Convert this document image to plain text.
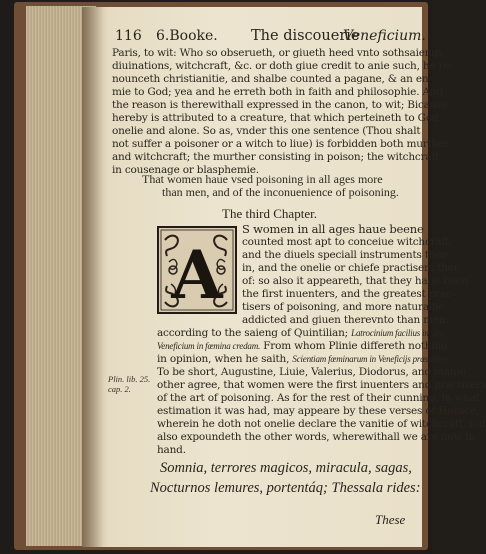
116 6.Booke. The discouerie
Veneficium.
Paris, to wit: Who so obserueth, or giueth heed vnto sothsaiengs,
diuinations, witchcraft, &c. or doth giue credit to anie such, he re-
nounceth christianitie, and shalbe counted a pagane, & an en-
mie to God; yea and he erreth both in faith and philosophie. And
the reason is therewithall expressed in the canon, to wit; Bicause
hereby is attributed to a creature, that which perteineth to God
onelie and alone. So as, vnder this one sentence (Thou shalt
not suffer a poisoner or a witch to liue) is forbidden both murther
and witchcraft; the murther consisting in poison; the witchcraft
in cousenage or blasphemie.
That women haue vsed poisoning in all ages more
than men, and of the inconuenience of poisoning.
The third Chapter.
A
S women in all ages haue beene
counted most apt to conceiue witchcraft,
and the diuels speciall instruments ther-
in, and the onelie or chiefe practisers ther-
of: so also it appeareth, that they haue been
the first inuenters, and the greatest prac-
tisers of poisoning, and more naturallie
addicted and giuen therevnto than men:
according to the saieng of Quintilian; Latrocinium facilius in viro,
Veneficium in fœmina credam. From whom Plinie differeth nothing
in opinion, when he saith, Scientiam fœminarum in Veneficijs præualere.
Plin. lib. 25.
cap. 2.
To be short, Augustine, Liuie, Valerius, Diodorus, and manie
other agree, that women were the first inuenters and practisers
of the art of poisoning. As for the rest of their cunning, in what
estimation it was had, may appeare by these verses of Horace,
wherein he doth not onelie declare the vanitie of witchcraft, but
also expoundeth the other words, wherewithall we are now in
hand.
Somnia, terrores magicos, miracula, sagas,
Nocturnos lemures, portentáq; Thessala rides:
These
